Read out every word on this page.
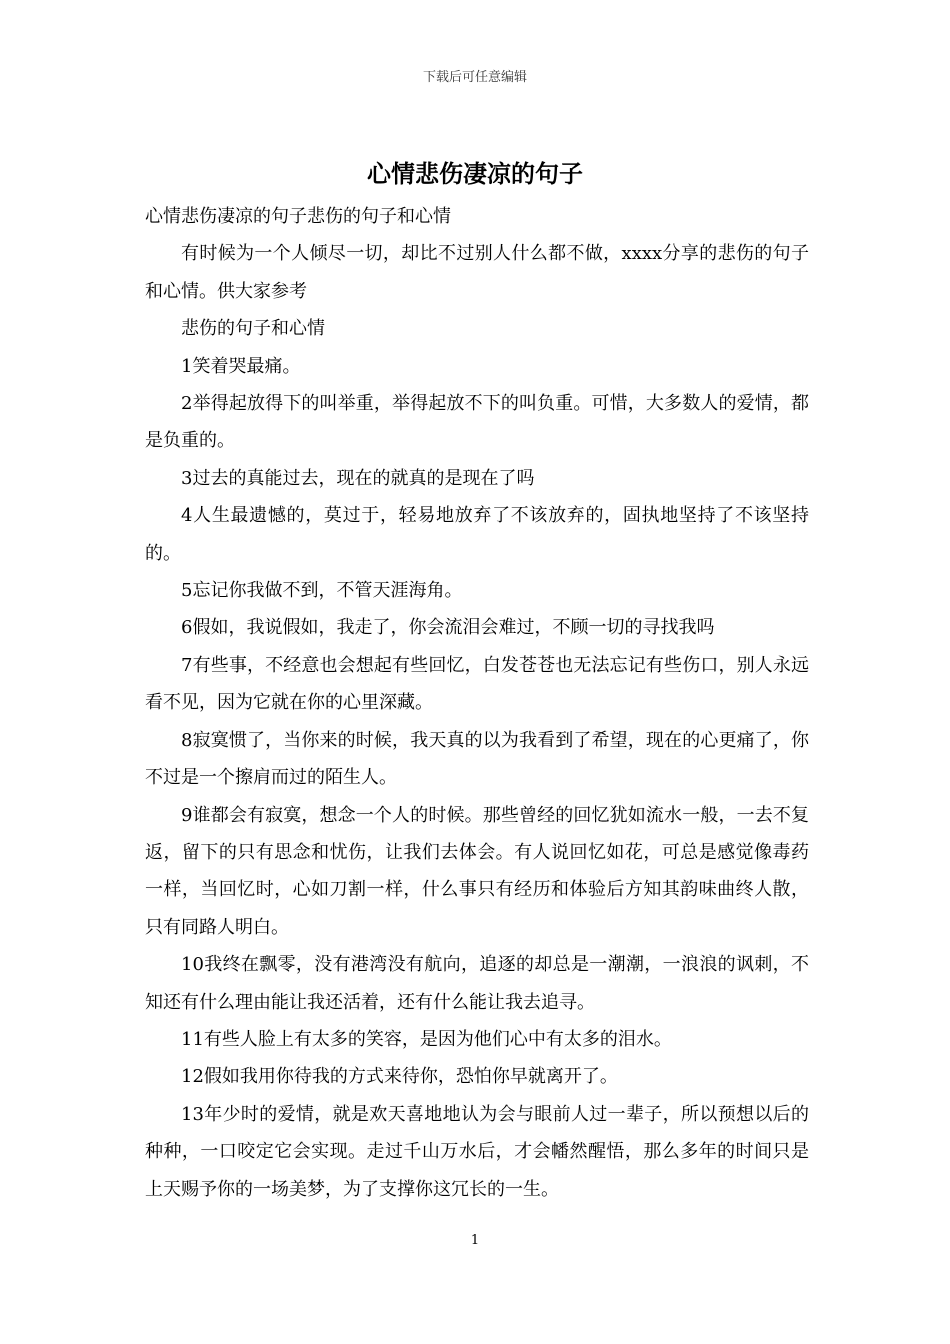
下载后可任意编辑
心情悲伤凄凉的句子

心情悲伤凄凉的句子悲伤的句子和心情

有时候为一个人倾尽一切，却比不过别人什么都不做，xxxx分享的悲伤的句子和心情。供大家参考

悲伤的句子和心情

1笑着哭最痛。

2举得起放得下的叫举重，举得起放不下的叫负重。可惜，大多数人的爱情，都是负重的。

3过去的真能过去，现在的就真的是现在了吗

4人生最遗憾的，莫过于，轻易地放弃了不该放弃的，固执地坚持了不该坚持的。

5忘记你我做不到，不管天涯海角。

6假如，我说假如，我走了，你会流泪会难过，不顾一切的寻找我吗

7有些事，不经意也会想起有些回忆，白发苍苍也无法忘记有些伤口，别人永远看不见，因为它就在你的心里深藏。

8寂寞惯了，当你来的时候，我天真的以为我看到了希望，现在的心更痛了，你不过是一个擦肩而过的陌生人。

9谁都会有寂寞，想念一个人的时候。那些曾经的回忆犹如流水一般，一去不复返，留下的只有思念和忧伤，让我们去体会。有人说回忆如花，可总是感觉像毒药一样，当回忆时，心如刀割一样，什么事只有经历和体验后方知其韵味曲终人散，只有同路人明白。

10我终在飘零，没有港湾没有航向，追逐的却总是一潮潮，一浪浪的讽刺，不知还有什么理由能让我还活着，还有什么能让我去追寻。

11有些人脸上有太多的笑容，是因为他们心中有太多的泪水。

12假如我用你待我的方式来待你，恐怕你早就离开了。

13年少时的爱情，就是欢天喜地地认为会与眼前人过一辈子，所以预想以后的种种，一口咬定它会实现。走过千山万水后，才会幡然醒悟，那么多年的时间只是上天赐予你的一场美梦，为了支撑你这冗长的一生。

1
